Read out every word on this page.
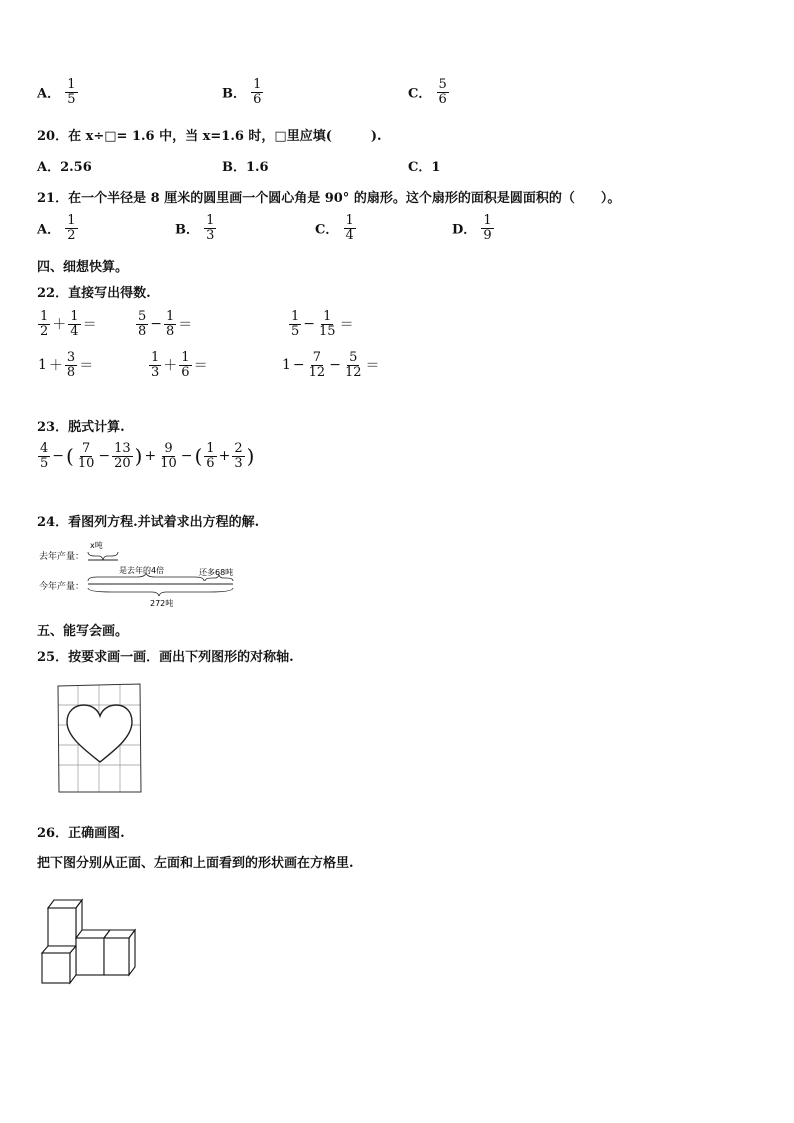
A． $\frac{1}{5}$	B． $\frac{1}{6}$	C． $\frac{5}{6}$
20．在 x÷□= 1.6 中，当 x=1.6 时，□里应填(　　　).
A．2.56	B．1.6	C．1
21．在一个半径是 8 厘米的圆里画一个圆心角是 90° 的扇形。这个扇形的面积是圆面积的（　　）。
A． $\frac{1}{2}$	B． $\frac{1}{3}$	C． $\frac{1}{4}$	D． $\frac{1}{9}$
四、细想快算。
22．直接写出得数.
$\frac{1}{2} + \frac{1}{4}$ ＝	$\frac{5}{8} - \frac{1}{8}$ ＝	$\frac{1}{5} - \frac{1}{15}$ ＝
$1 + \frac{3}{8}$ ＝	$\frac{1}{3} + \frac{1}{6}$ ＝	$1 - \frac{7}{12} - \frac{5}{12}$ ＝
23．脱式计算.
$\frac{4}{5}$ − ( $\frac{7}{10} - \frac{13}{20}$ ) + $\frac{9}{10}$ − ( $\frac{1}{6} + \frac{2}{3}$ )
24．看图列方程.并试着求出方程的解.
去年产量：
x吨
是去年的4倍	还多68吨
今年产量：
272吨
五、能写会画。
25．按要求画一画．画出下列图形的对称轴.
26．正确画图.
把下图分别从正面、左面和上面看到的形状画在方格里.
